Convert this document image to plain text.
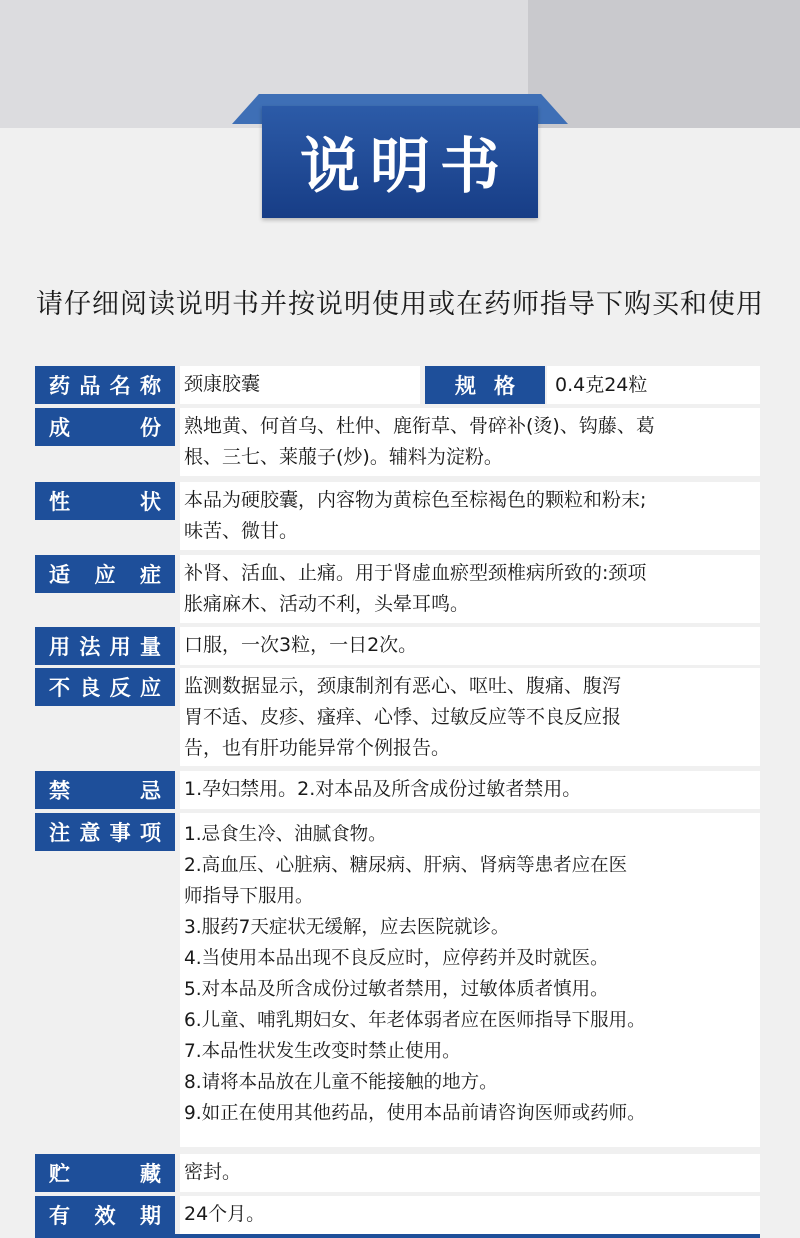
说明书
请仔细阅读说明书并按说明使用或在药师指导下购买和使用
药 品 名 称 颈康胶囊	规格	0.4克24粒
成	份 熟地黄、何首乌、杜仲、鹿衔草、骨碎补(烫)、钩藤、葛

根、三七、莱菔子(炒)。辅料为淀粉。

性	状 本品为硬胶囊，内容物为黄棕色至棕褐色的颗粒和粉末;

味苦、微甘。

适 应 症 补肾、活血、止痛。用于肾虚血瘀型颈椎病所致的:颈项

胀痛麻木、活动不利，头晕耳鸣。

用 法 用 量 口服，一次3粒，一日2次。
不 良 反 应 监测数据显示，颈康制剂有恶心、呕吐、腹痛、腹泻

胃不适、皮疹、瘙痒、心悸、过敏反应等不良反应报

告，也有肝功能异常个例报告。

禁	忌 1.孕妇禁用。2.对本品及所含成份过敏者禁用。
注 意 事 项 1.忌食生冷、油腻食物。

2.高血压、心脏病、糖尿病、肝病、肾病等患者应在医

师指导下服用。

3.服药7天症状无缓解，应去医院就诊。

4.当使用本品出现不良反应时，应停药并及时就医。

5.对本品及所含成份过敏者禁用，过敏体质者慎用。

6.儿童、哺乳期妇女、年老体弱者应在医师指导下服用。

7.本品性状发生改变时禁止使用。

8.请将本品放在儿童不能接触的地方。

9.如正在使用其他药品，使用本品前请咨询医师或药师。

贮	藏 密封。
有 效 期 24个月。
